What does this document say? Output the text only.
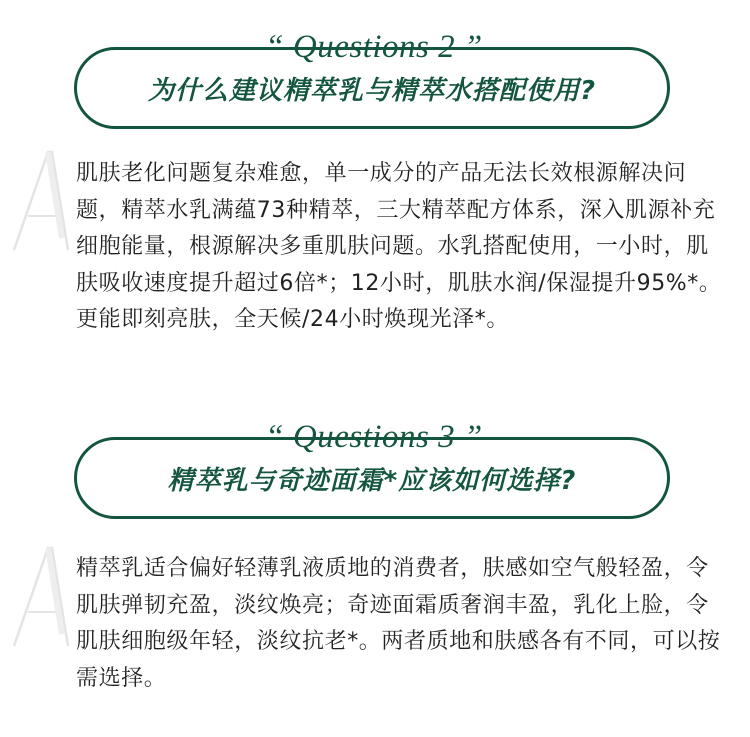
“ Questions 2 ”
为什么建议精萃乳与精萃水搭配使用?
肌肤老化问题复杂难愈，单一成分的产品无法长效根源解决问题，精萃水乳满蕴73种精萃，三大精萃配方体系，深入肌源补充细胞能量，根源解决多重肌肤问题。水乳搭配使用，一小时，肌肤吸收速度提升超过6倍*；12小时，肌肤水润/保湿提升95%*。更能即刻亮肤，全天候/24小时焕现光泽*。
“ Questions 3 ”
精萃乳与奇迹面霜*应该如何选择?
精萃乳适合偏好轻薄乳液质地的消费者，肤感如空气般轻盈，令肌肤弹韧充盈，淡纹焕亮；奇迹面霜质奢润丰盈，乳化上脸，令肌肤细胞级年轻，淡纹抗老*。两者质地和肤感各有不同，可以按需选择。
